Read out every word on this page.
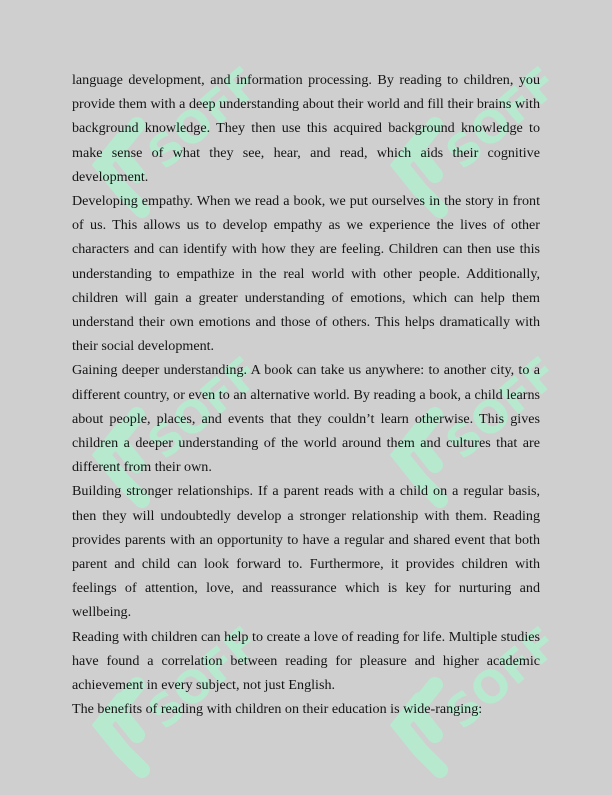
SOFF	SOFF
SOFF	SOFF
SOFF	SOFF

language development, and information processing. By reading to children, you provide them with a deep understanding about their world and fill their brains with background knowledge. They then use this acquired background knowledge to make sense of what they see, hear, and read, which aids their cognitive development.

Developing empathy. When we read a book, we put ourselves in the story in front of us. This allows us to develop empathy as we experience the lives of other characters and can identify with how they are feeling. Children can then use this understanding to empathize in the real world with other people. Additionally, children will gain a greater understanding of emotions, which can help them understand their own emotions and those of others. This helps dramatically with their social development.

Gaining deeper understanding. A book can take us anywhere: to another city, to a different country, or even to an alternative world. By reading a book, a child learns about people, places, and events that they couldn’t learn otherwise. This gives children a deeper understanding of the world around them and cultures that are different from their own.

Building stronger relationships. If a parent reads with a child on a regular basis, then they will undoubtedly develop a stronger relationship with them. Reading provides parents with an opportunity to have a regular and shared event that both parent and child can look forward to. Furthermore, it provides children with feelings of attention, love, and reassurance which is key for nurturing and wellbeing.

Reading with children can help to create a love of reading for life. Multiple studies have found a correlation between reading for pleasure and higher academic achievement in every subject, not just English.

The benefits of reading with children on their education is wide-ranging:
